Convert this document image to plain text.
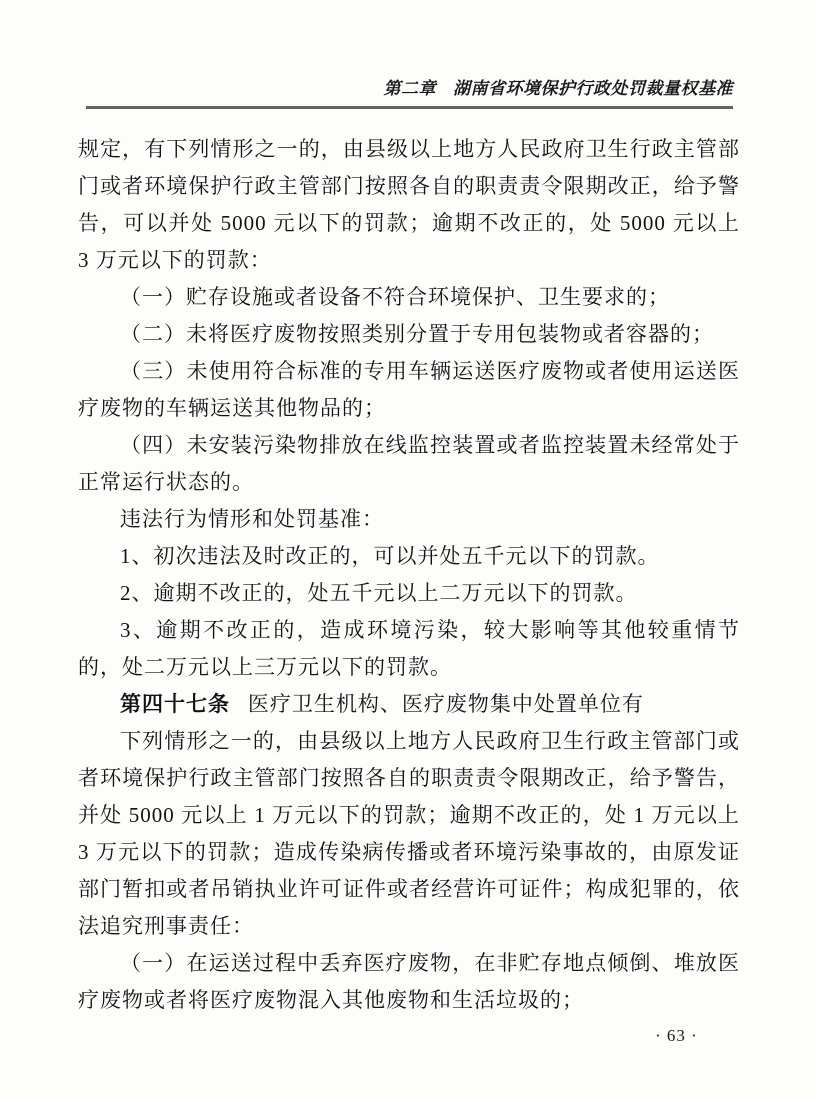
第二章 湖南省环境保护行政处罚裁量权基准

规定，有下列情形之一的，由县级以上地方人民政府卫生行政主管部门或者环境保护行政主管部门按照各自的职责责令限期改正，给予警告，可以并处 5000 元以下的罚款；逾期不改正的，处 5000 元以上 3 万元以下的罚款：

（一）贮存设施或者设备不符合环境保护、卫生要求的；

（二）未将医疗废物按照类别分置于专用包装物或者容器的；

（三）未使用符合标准的专用车辆运送医疗废物或者使用运送医疗废物的车辆运送其他物品的；

（四）未安装污染物排放在线监控装置或者监控装置未经常处于正常运行状态的。

违法行为情形和处罚基准：

1、初次违法及时改正的，可以并处五千元以下的罚款。

2、逾期不改正的，处五千元以上二万元以下的罚款。

3、逾期不改正的，造成环境污染，较大影响等其他较重情节的，处二万元以上三万元以下的罚款。

第四十七条 医疗卫生机构、医疗废物集中处置单位有

下列情形之一的，由县级以上地方人民政府卫生行政主管部门或者环境保护行政主管部门按照各自的职责责令限期改正，给予警告，并处 5000 元以上 1 万元以下的罚款；逾期不改正的，处 1 万元以上 3 万元以下的罚款；造成传染病传播或者环境污染事故的，由原发证部门暂扣或者吊销执业许可证件或者经营许可证件；构成犯罪的，依法追究刑事责任：

（一）在运送过程中丢弃医疗废物，在非贮存地点倾倒、堆放医疗废物或者将医疗废物混入其他废物和生活垃圾的；

· 63 ·
